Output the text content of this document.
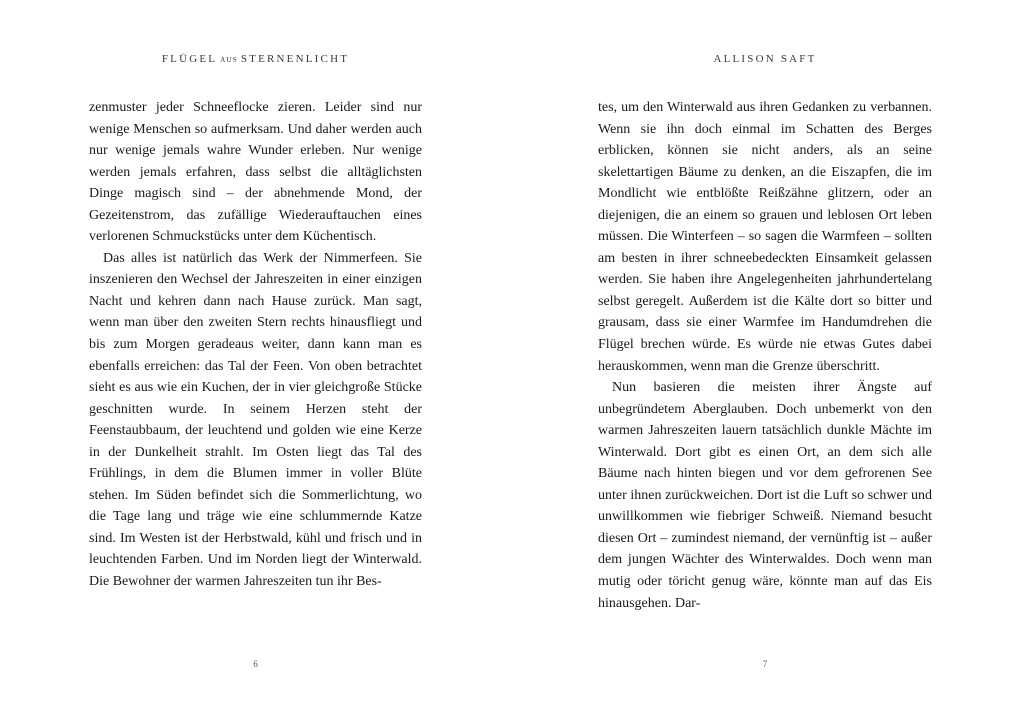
FLÜGEL AUS STERNENLICHT

zenmuster jeder Schneeflocke zieren. Leider sind nur wenige Menschen so aufmerksam. Und daher werden auch nur wenige jemals wahre Wunder erleben. Nur wenige werden jemals erfahren, dass selbst die alltäglichsten Dinge magisch sind – der abnehmende Mond, der Gezeitenstrom, das zufällige Wiederauftauchen eines verlorenen Schmuckstücks unter dem Küchentisch.

Das alles ist natürlich das Werk der Nimmerfeen. Sie inszenieren den Wechsel der Jahreszeiten in einer einzigen Nacht und kehren dann nach Hause zurück. Man sagt, wenn man über den zweiten Stern rechts hinausfliegt und bis zum Morgen geradeaus weiter, dann kann man es ebenfalls erreichen: das Tal der Feen. Von oben betrachtet sieht es aus wie ein Kuchen, der in vier gleichgroße Stücke geschnitten wurde. In seinem Herzen steht der Feenstaubbaum, der leuchtend und golden wie eine Kerze in der Dunkelheit strahlt. Im Osten liegt das Tal des Frühlings, in dem die Blumen immer in voller Blüte stehen. Im Süden befindet sich die Sommerlichtung, wo die Tage lang und träge wie eine schlummernde Katze sind. Im Westen ist der Herbstwald, kühl und frisch und in leuchtenden Farben. Und im Norden liegt der Winterwald. Die Bewohner der warmen Jahreszeiten tun ihr Bes-

6
ALLISON SAFT

tes, um den Winterwald aus ihren Gedanken zu verbannen. Wenn sie ihn doch einmal im Schatten des Berges erblicken, können sie nicht anders, als an seine skelettartigen Bäume zu denken, an die Eiszapfen, die im Mondlicht wie entblößte Reißzähne glitzern, oder an diejenigen, die an einem so grauen und leblosen Ort leben müssen. Die Winterfeen – so sagen die Warmfeen – sollten am besten in ihrer schneebedeckten Einsamkeit gelassen werden. Sie haben ihre Angelegenheiten jahrhundertelang selbst geregelt. Außerdem ist die Kälte dort so bitter und grausam, dass sie einer Warmfee im Handumdrehen die Flügel brechen würde. Es würde nie etwas Gutes dabei herauskommen, wenn man die Grenze überschritt.

Nun basieren die meisten ihrer Ängste auf unbegründetem Aberglauben. Doch unbemerkt von den warmen Jahreszeiten lauern tatsächlich dunkle Mächte im Winterwald. Dort gibt es einen Ort, an dem sich alle Bäume nach hinten biegen und vor dem gefrorenen See unter ihnen zurückweichen. Dort ist die Luft so schwer und unwillkommen wie fiebriger Schweiß. Niemand besucht diesen Ort – zumindest niemand, der vernünftig ist – außer dem jungen Wächter des Winterwaldes. Doch wenn man mutig oder töricht genug wäre, könnte man auf das Eis hinausgehen. Dar-

7
